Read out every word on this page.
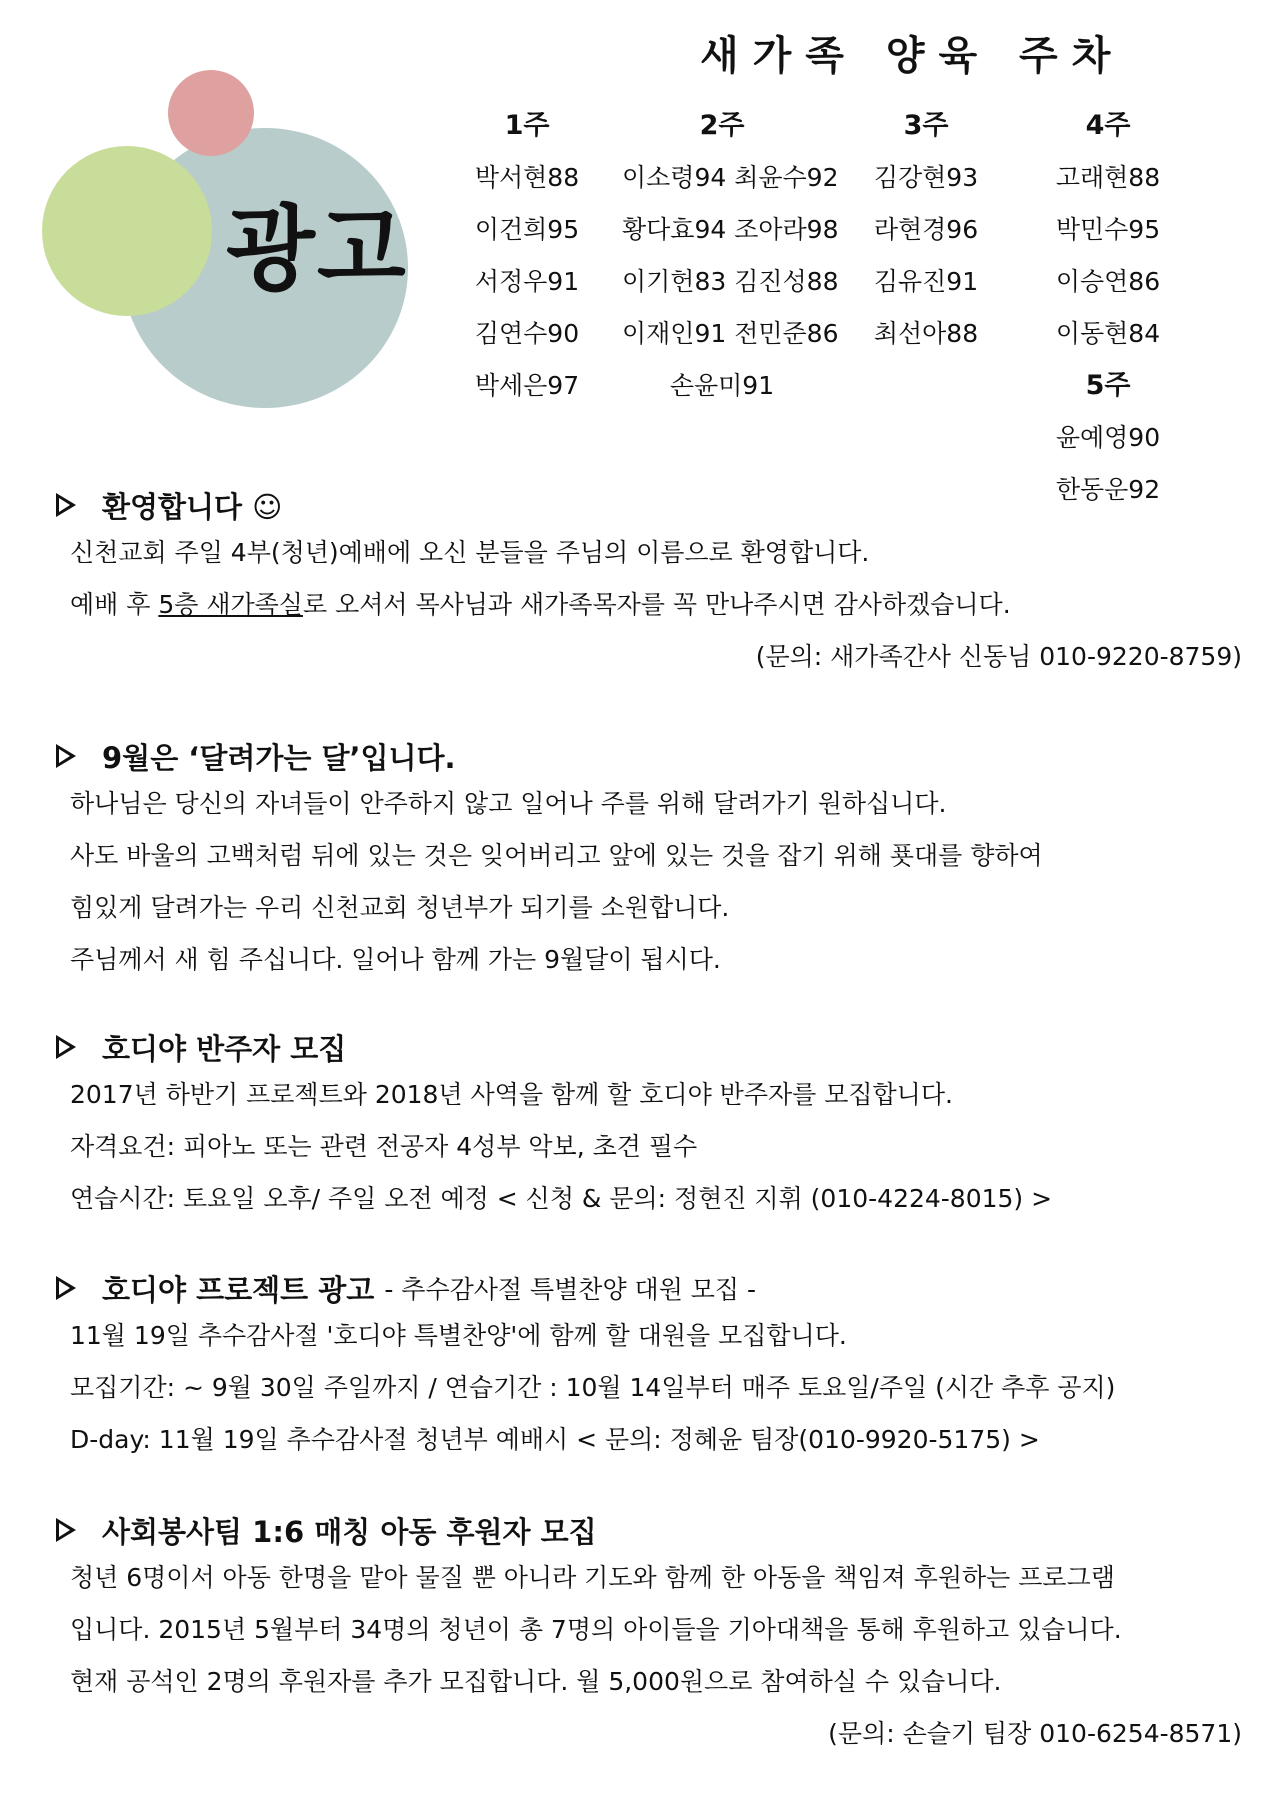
광고
새가족 양육 주차
1주
박서현88
이건희95
서정우91
김연수90
박세은97
2주
이소령94 최윤수92
황다효94 조아라98
이기헌83 김진성88
이재인91 전민준86
손윤미91
3주
김강현93
라현경96
김유진91
최선아88
4주
고래현88
박민수95
이승연86
이동현84
5주
윤예영90
한동운92
환영합니다 ☺
신천교회 주일 4부(청년)예배에 오신 분들을 주님의 이름으로 환영합니다.
예배 후 5층 새가족실로 오셔서 목사님과 새가족목자를 꼭 만나주시면 감사하겠습니다.
(문의: 새가족간사 신동님 010-9220-8759)
9월은 ‘달려가는 달’입니다.
하나님은 당신의 자녀들이 안주하지 않고 일어나 주를 위해 달려가기 원하십니다.
사도 바울의 고백처럼 뒤에 있는 것은 잊어버리고 앞에 있는 것을 잡기 위해 푯대를 향하여
힘있게 달려가는 우리 신천교회 청년부가 되기를 소원합니다.
주님께서 새 힘 주십니다. 일어나 함께 가는 9월달이 됩시다.
호디야 반주자 모집
2017년 하반기 프로젝트와 2018년 사역을 함께 할 호디야 반주자를 모집합니다.
자격요건: 피아노 또는 관련 전공자 4성부 악보, 초견 필수
연습시간: 토요일 오후/ 주일 오전 예정 < 신청 & 문의: 정현진 지휘 (010-4224-8015) >
호디야 프로젝트 광고 - 추수감사절 특별찬양 대원 모집 -
11월 19일 추수감사절 '호디야 특별찬양'에 함께 할 대원을 모집합니다.
모집기간: ~ 9월 30일 주일까지 / 연습기간 : 10월 14일부터 매주 토요일/주일 (시간 추후 공지)
D-day: 11월 19일 추수감사절 청년부 예배시 < 문의: 정혜윤 팀장(010-9920-5175) >
사회봉사팀 1:6 매칭 아동 후원자 모집
청년 6명이서 아동 한명을 맡아 물질 뿐 아니라 기도와 함께 한 아동을 책임져 후원하는 프로그램
입니다. 2015년 5월부터 34명의 청년이 총 7명의 아이들을 기아대책을 통해 후원하고 있습니다.
현재 공석인 2명의 후원자를 추가 모집합니다. 월 5,000원으로 참여하실 수 있습니다.
(문의: 손슬기 팀장 010-6254-8571)
